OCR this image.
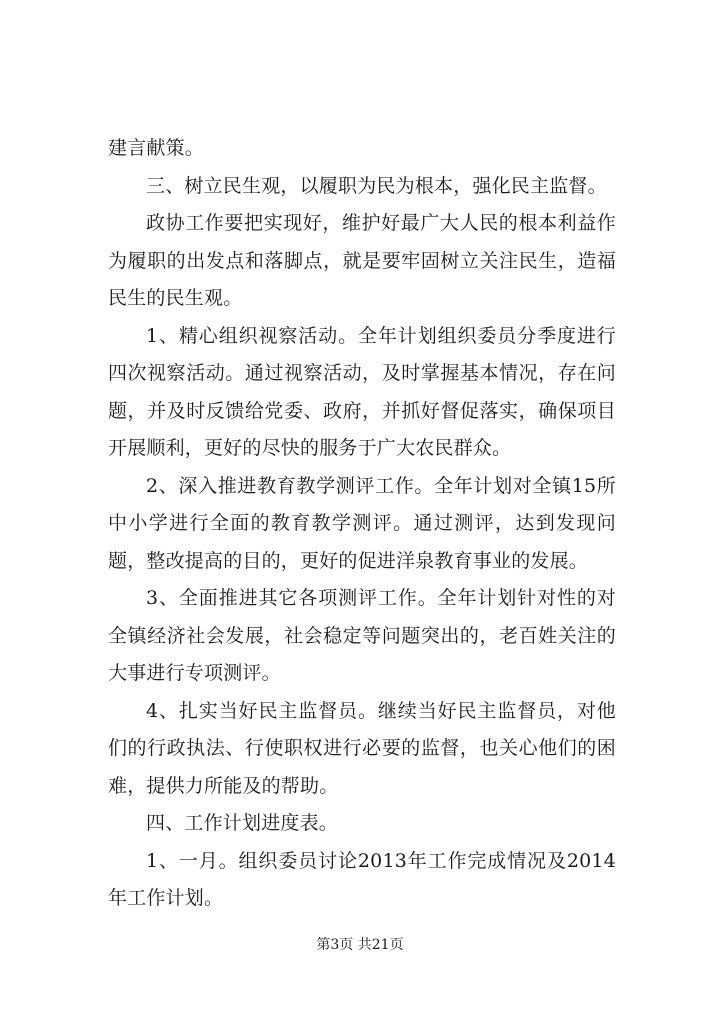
建言献策。

三、树立民生观，以履职为民为根本，强化民主监督。

政协工作要把实现好，维护好最广大人民的根本利益作为履职的出发点和落脚点，就是要牢固树立关注民生，造福民生的民生观。

1、精心组织视察活动。全年计划组织委员分季度进行四次视察活动。通过视察活动，及时掌握基本情况，存在问题，并及时反馈给党委、政府，并抓好督促落实，确保项目开展顺利，更好的尽快的服务于广大农民群众。

2、深入推进教育教学测评工作。全年计划对全镇15所中小学进行全面的教育教学测评。通过测评，达到发现问题，整改提高的目的，更好的促进洋泉教育事业的发展。

3、全面推进其它各项测评工作。全年计划针对性的对全镇经济社会发展，社会稳定等问题突出的，老百姓关注的大事进行专项测评。

4、扎实当好民主监督员。继续当好民主监督员，对他们的行政执法、行使职权进行必要的监督，也关心他们的困难，提供力所能及的帮助。

四、工作计划进度表。

1、一月。组织委员讨论2013年工作完成情况及2014年工作计划。

第3页 共21页
